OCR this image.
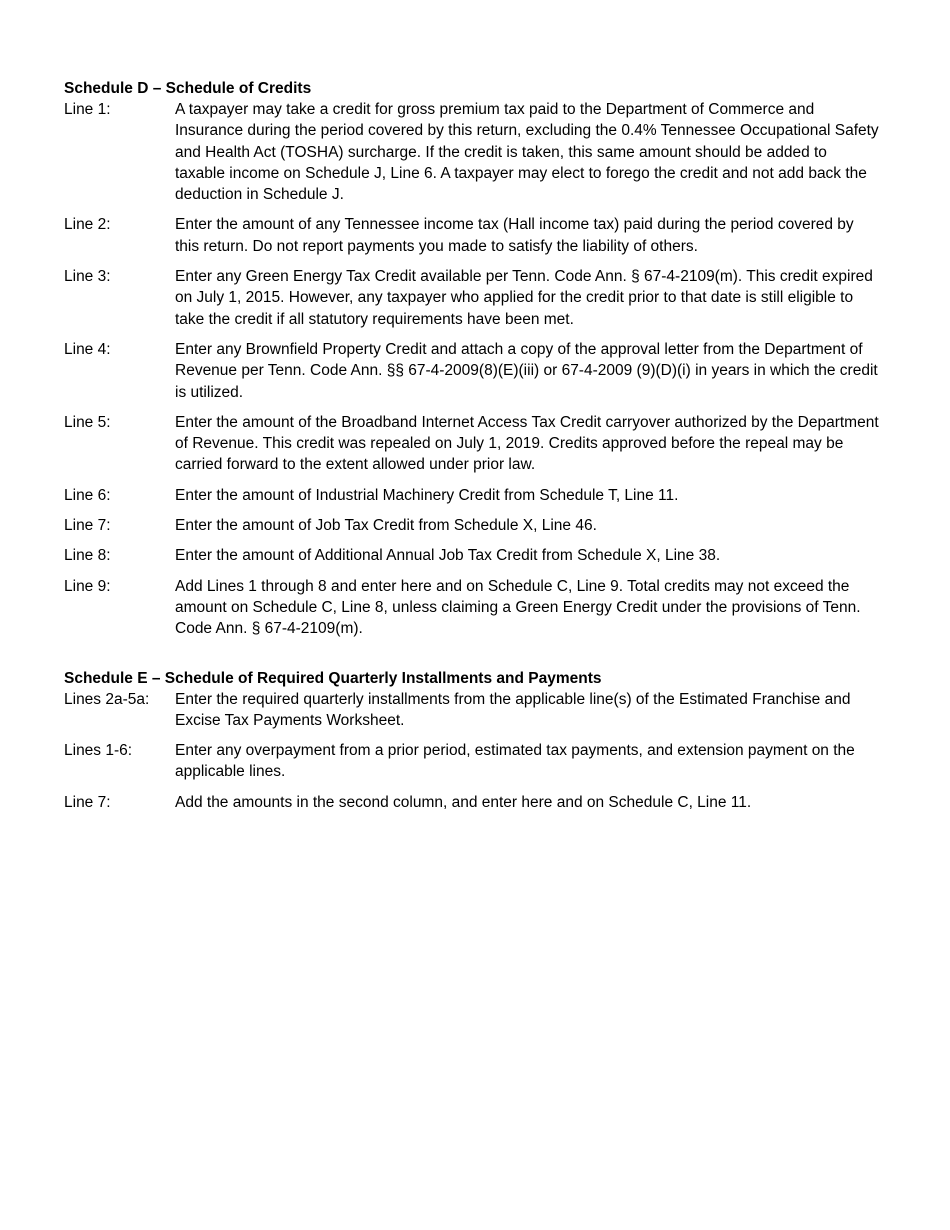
Schedule D – Schedule of Credits
Line 1:	A taxpayer may take a credit for gross premium tax paid to the Department of Commerce and Insurance during the period covered by this return, excluding the 0.4% Tennessee Occupational Safety and Health Act (TOSHA) surcharge. If the credit is taken, this same amount should be added to taxable income on Schedule J, Line 6. A taxpayer may elect to forego the credit and not add back the deduction in Schedule J.
Line 2:	Enter the amount of any Tennessee income tax (Hall income tax) paid during the period covered by this return. Do not report payments you made to satisfy the liability of others.
Line 3:	Enter any Green Energy Tax Credit available per Tenn. Code Ann. § 67-4-2109(m). This credit expired on July 1, 2015. However, any taxpayer who applied for the credit prior to that date is still eligible to take the credit if all statutory requirements have been met.
Line 4:	Enter any Brownfield Property Credit and attach a copy of the approval letter from the Department of Revenue per Tenn. Code Ann. §§ 67-4-2009(8)(E)(iii) or 67-4-2009 (9)(D)(i) in years in which the credit is utilized.
Line 5:	Enter the amount of the Broadband Internet Access Tax Credit carryover authorized by the Department of Revenue. This credit was repealed on July 1, 2019. Credits approved before the repeal may be carried forward to the extent allowed under prior law.
Line 6:	Enter the amount of Industrial Machinery Credit from Schedule T, Line 11.
Line 7:	Enter the amount of Job Tax Credit from Schedule X, Line 46.
Line 8:	Enter the amount of Additional Annual Job Tax Credit from Schedule X, Line 38.
Line 9:	Add Lines 1 through 8 and enter here and on Schedule C, Line 9. Total credits may not exceed the amount on Schedule C, Line 8, unless claiming a Green Energy Credit under the provisions of Tenn. Code Ann. § 67-4-2109(m).
Schedule E – Schedule of Required Quarterly Installments and Payments
Lines 2a-5a:	Enter the required quarterly installments from the applicable line(s) of the Estimated Franchise and Excise Tax Payments Worksheet.
Lines 1-6:	Enter any overpayment from a prior period, estimated tax payments, and extension payment on the applicable lines.
Line 7:	Add the amounts in the second column, and enter here and on Schedule C, Line 11.
